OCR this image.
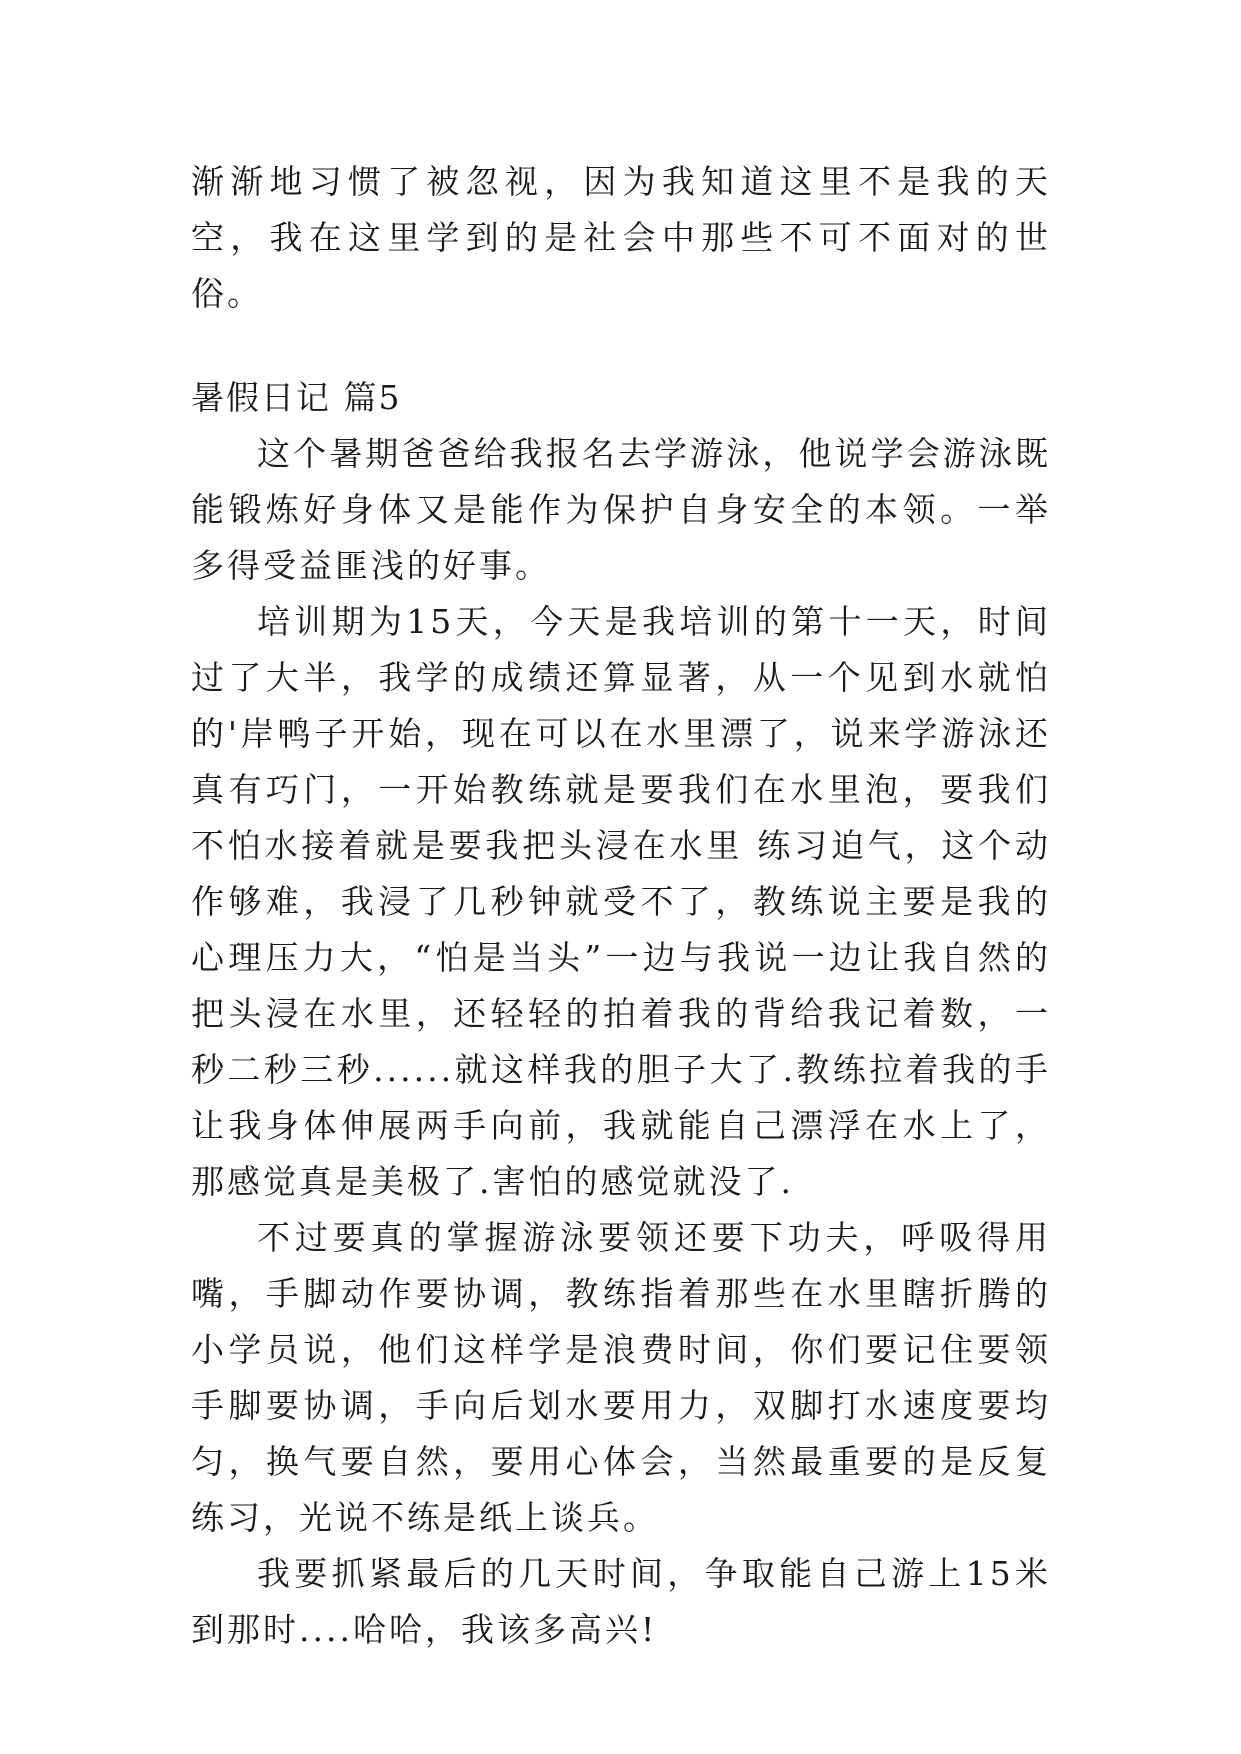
渐渐地习惯了被忽视，因为我知道这里不是我的天空，我在这里学到的是社会中那些不可不面对的世俗。

暑假日记 篇5

这个暑期爸爸给我报名去学游泳，他说学会游泳既能锻炼好身体又是能作为保护自身安全的本领。一举多得受益匪浅的好事。

培训期为15天，今天是我培训的第十一天，时间过了大半，我学的成绩还算显著，从一个见到水就怕的'岸鸭子开始，现在可以在水里漂了，说来学游泳还真有巧门，一开始教练就是要我们在水里泡，要我们不怕水接着就是要我把头浸在水里 练习迫气，这个动作够难，我浸了几秒钟就受不了，教练说主要是我的心理压力大，“怕是当头”一边与我说一边让我自然的把头浸在水里，还轻轻的拍着我的背给我记着数，一秒二秒三秒......就这样我的胆子大了.教练拉着我的手让我身体伸展两手向前，我就能自己漂浮在水上了，那感觉真是美极了.害怕的感觉就没了.

不过要真的掌握游泳要领还要下功夫，呼吸得用嘴，手脚动作要协调，教练指着那些在水里瞎折腾的小学员说，他们这样学是浪费时间，你们要记住要领手脚要协调，手向后划水要用力，双脚打水速度要均匀，换气要自然，要用心体会，当然最重要的是反复练习，光说不练是纸上谈兵。

我要抓紧最后的几天时间，争取能自己游上15米到那时....哈哈，我该多高兴!
